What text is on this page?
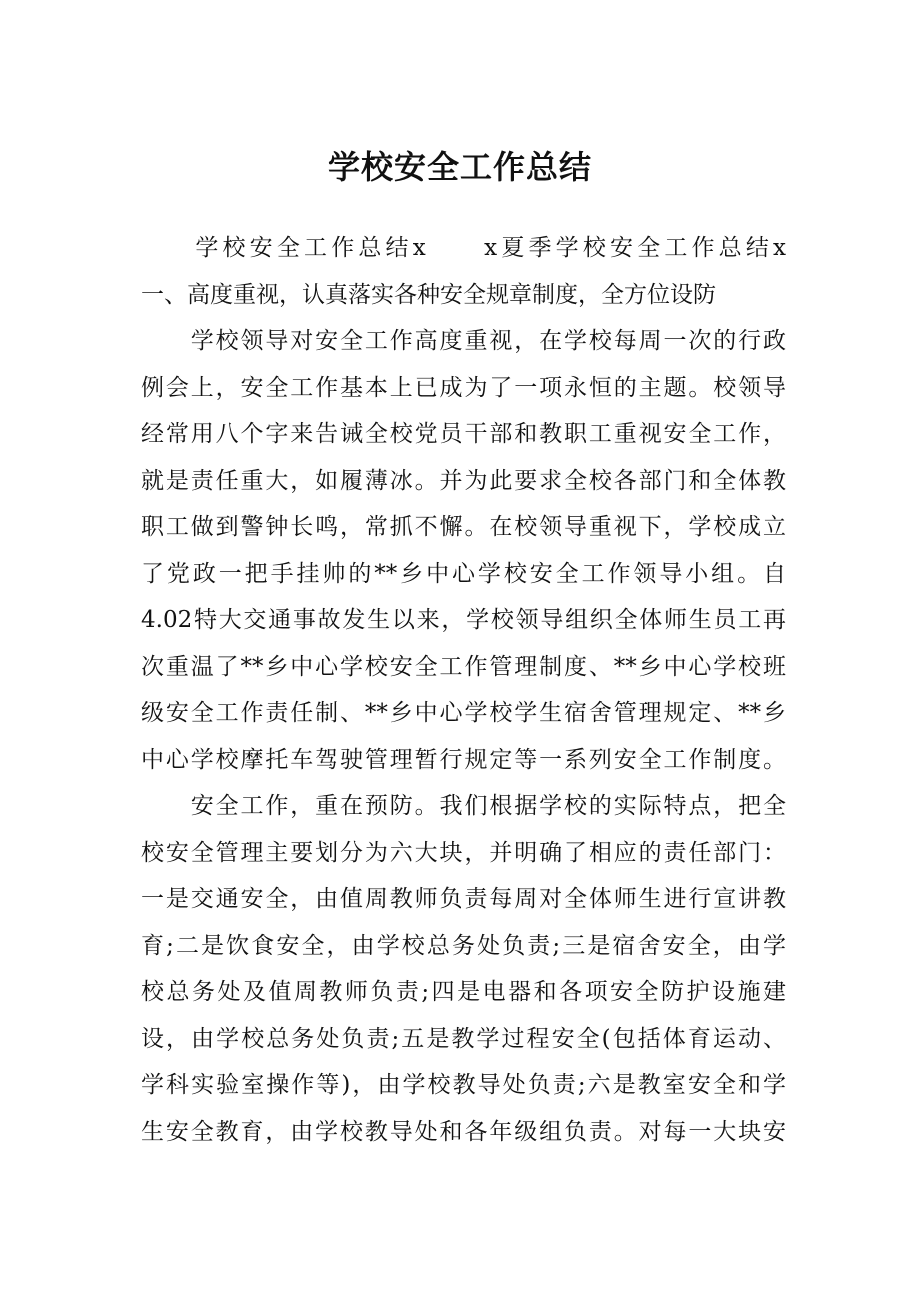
学校安全工作总结
　　学校安全工作总结x　　x夏季学校安全工作总结x
一、高度重视，认真落实各种安全规章制度，全方位设防
　　学校领导对安全工作高度重视，在学校每周一次的行政
例会上，安全工作基本上已成为了一项永恒的主题。校领导
经常用八个字来告诫全校党员干部和教职工重视安全工作，
就是责任重大，如履薄冰。并为此要求全校各部门和全体教
职工做到警钟长鸣，常抓不懈。在校领导重视下，学校成立
了党政一把手挂帅的**乡中心学校安全工作领导小组。自
4.02特大交通事故发生以来，学校领导组织全体师生员工再
次重温了**乡中心学校安全工作管理制度、**乡中心学校班
级安全工作责任制、**乡中心学校学生宿舍管理规定、**乡
中心学校摩托车驾驶管理暂行规定等一系列安全工作制度。
　　安全工作，重在预防。我们根据学校的实际特点，把全
校安全管理主要划分为六大块，并明确了相应的责任部门：
一是交通安全，由值周教师负责每周对全体师生进行宣讲教
育;二是饮食安全，由学校总务处负责;三是宿舍安全，由学
校总务处及值周教师负责;四是电器和各项安全防护设施建
设，由学校总务处负责;五是教学过程安全(包括体育运动、
学科实验室操作等)，由学校教导处负责;六是教室安全和学
生安全教育，由学校教导处和各年级组负责。对每一大块安
